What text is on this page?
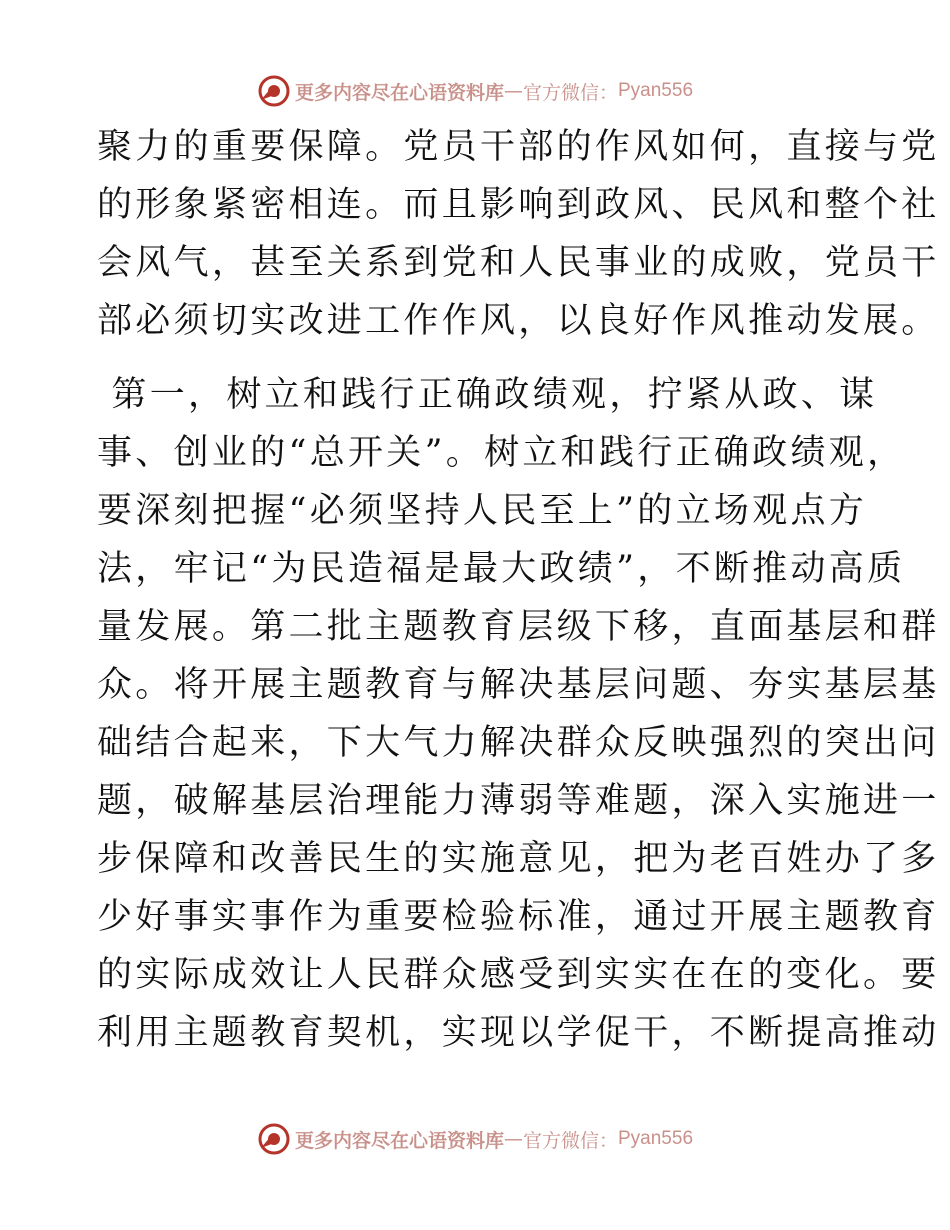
更多内容尽在心语资料库 — 官方微信： Pyan556
聚力的重要保障。党员干部的作风如何，直接与党
的形象紧密相连。而且影响到政风、民风和整个社
会风气，甚至关系到党和人民事业的成败，党员干
部必须切实改进工作作风，以良好作风推动发展。
第一，树立和践行正确政绩观，拧紧从政、谋
事、创业的“总开关”。树立和践行正确政绩观，
要深刻把握“必须坚持人民至上”的立场观点方
法，牢记“为民造福是最大政绩”，不断推动高质
量发展。第二批主题教育层级下移，直面基层和群
众。将开展主题教育与解决基层问题、夯实基层基
础结合起来，下大气力解决群众反映强烈的突出问
题，破解基层治理能力薄弱等难题，深入实施进一
步保障和改善民生的实施意见，把为老百姓办了多
少好事实事作为重要检验标准，通过开展主题教育
的实际成效让人民群众感受到实实在在的变化。要
利用主题教育契机，实现以学促干，不断提高推动
更多内容尽在心语资料库 — 官方微信： Pyan556
